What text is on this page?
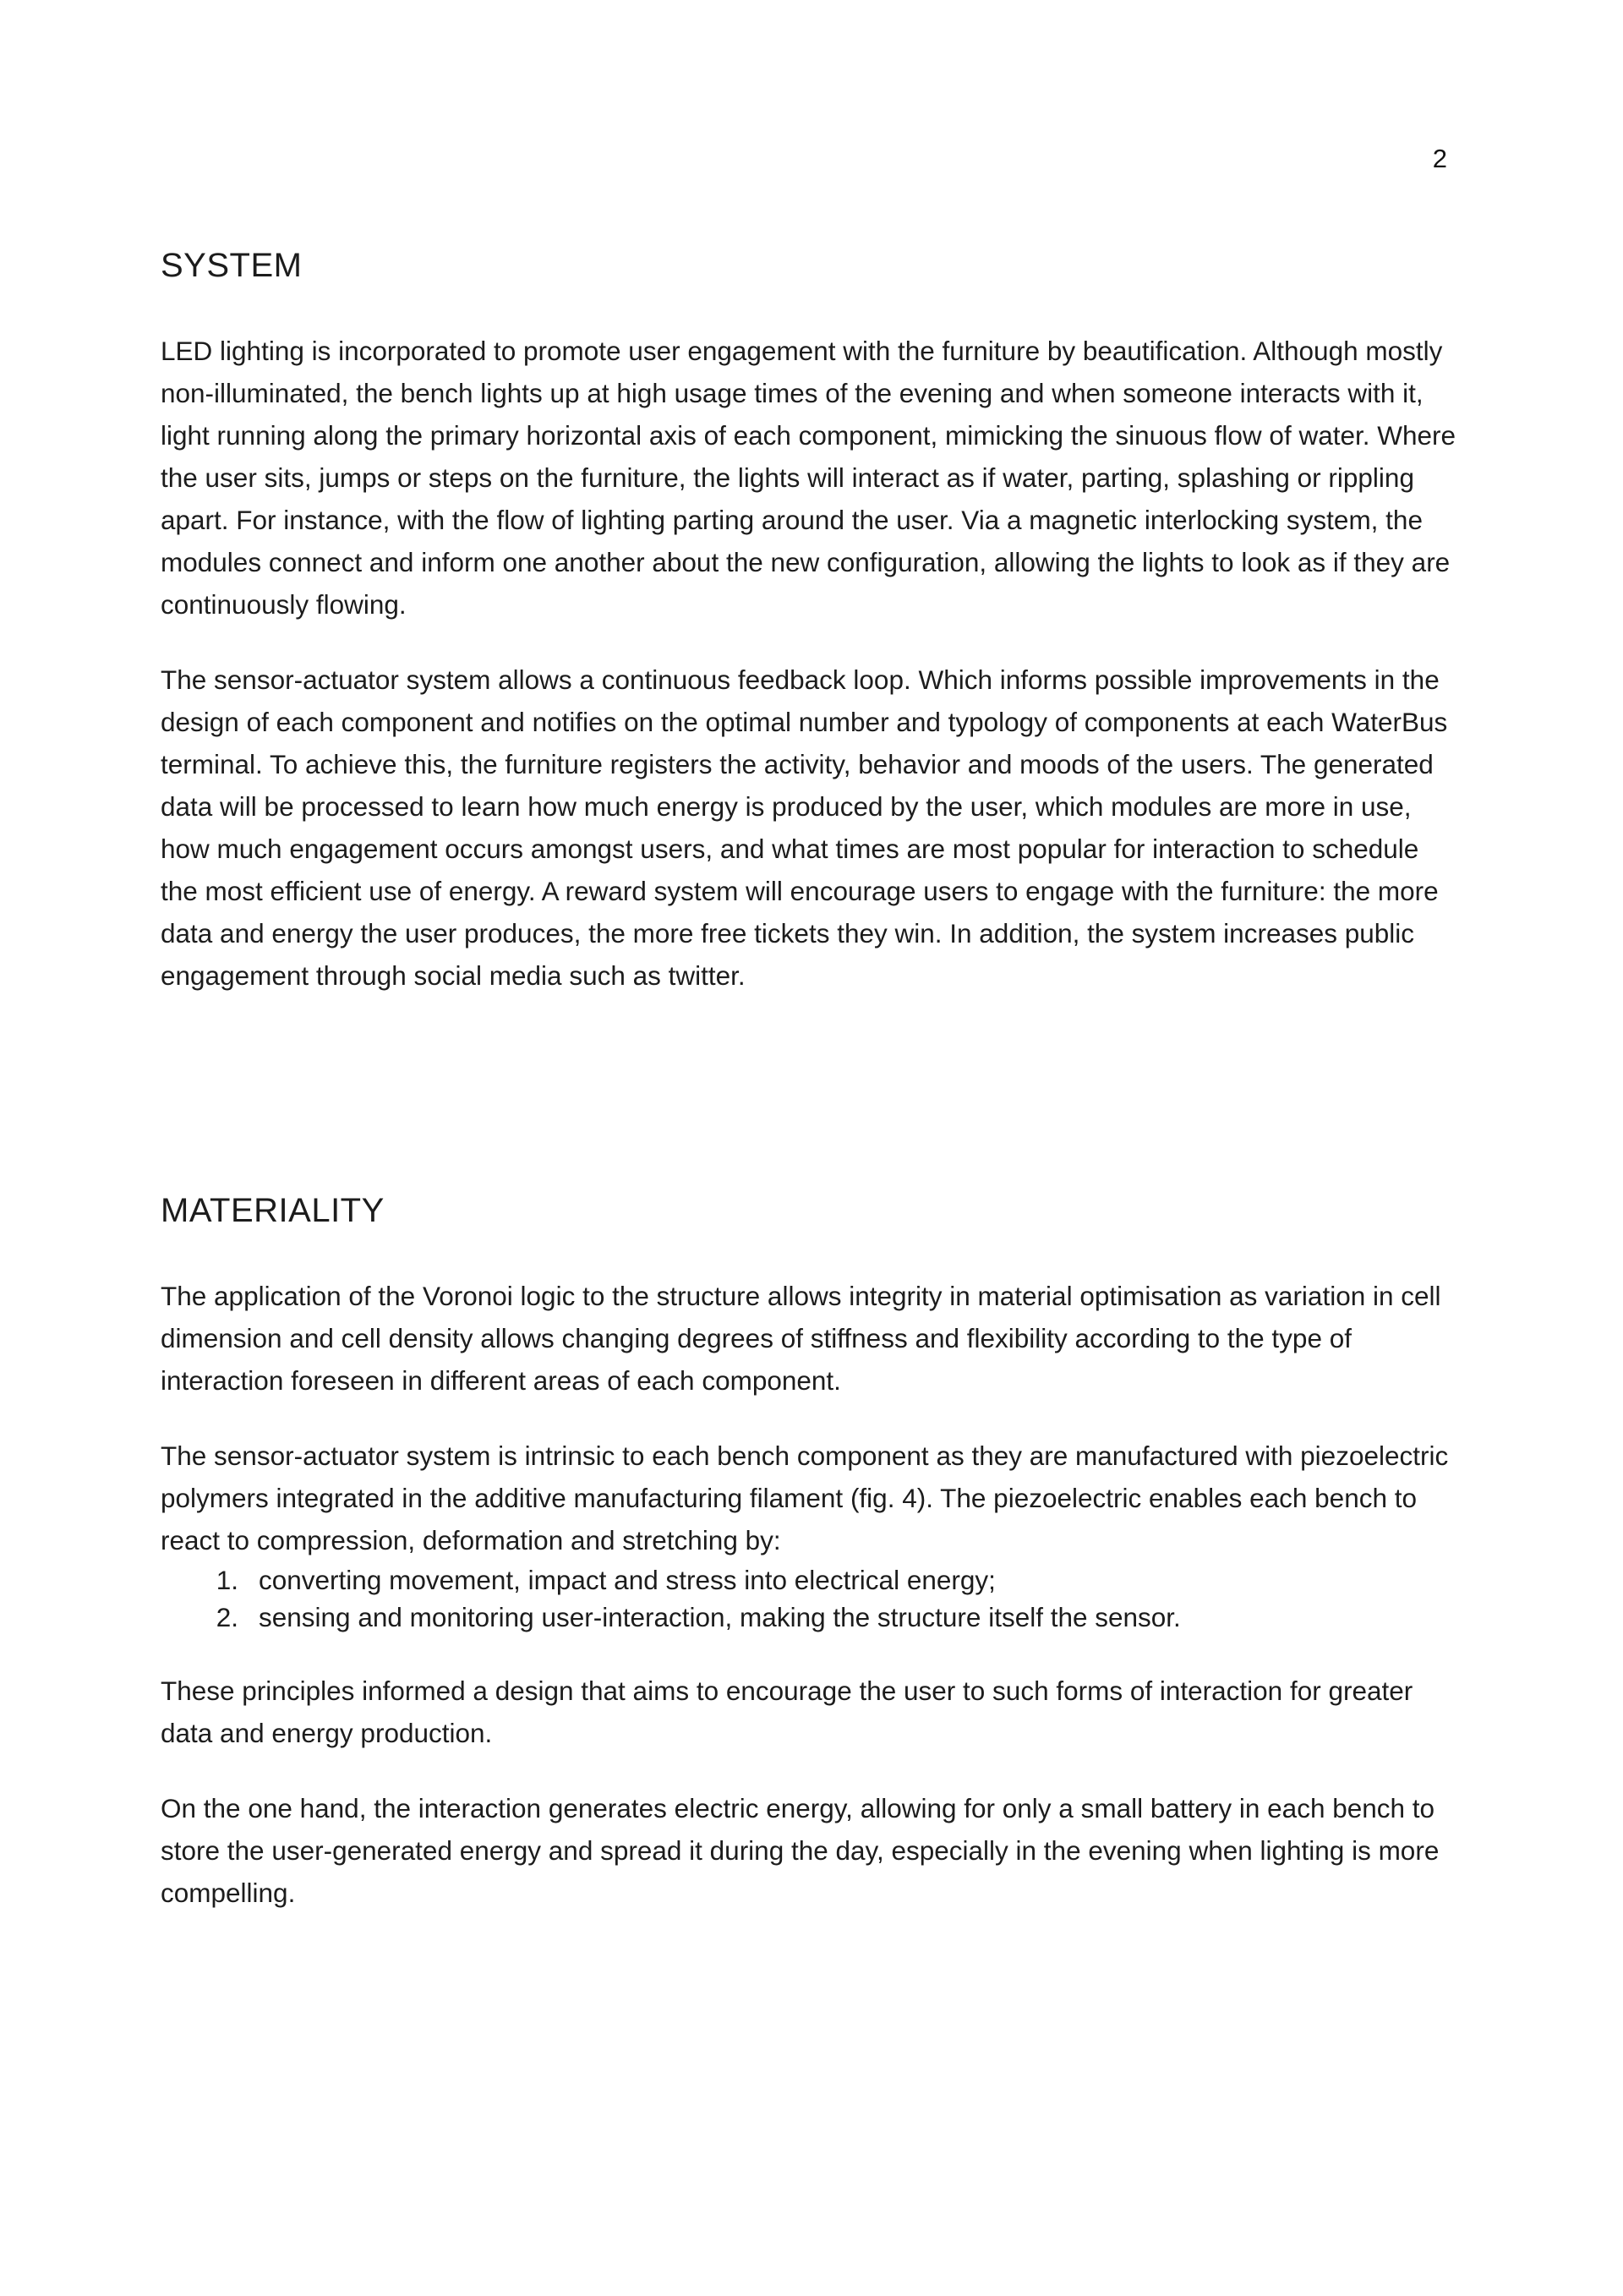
2
SYSTEM

LED lighting is incorporated to promote user engagement with the furniture by beautification. Although mostly non-illuminated, the bench lights up at high usage times of the evening and when someone interacts with it, light running along the primary horizontal axis of each component, mimicking the sinuous flow of water. Where the user sits, jumps or steps on the furniture, the lights will interact as if water, parting, splashing or rippling apart. For instance, with the flow of lighting parting around the user. Via a magnetic interlocking system, the modules connect and inform one another about the new configuration, allowing the lights to look as if they are continuously flowing.

The sensor-actuator system allows a continuous feedback loop. Which informs possible improvements in the design of each component and notifies on the optimal number and typology of components at each WaterBus terminal. To achieve this, the furniture registers the activity, behavior and moods of the users. The generated data will be processed to learn how much energy is produced by the user, which modules are more in use, how much engagement occurs amongst users, and what times are most popular for interaction to schedule the most efficient use of energy. A reward system will encourage users to engage with the furniture: the more data and energy the user produces, the more free tickets they win. In addition, the system increases public engagement through social media such as twitter.

MATERIALITY

The application of the Voronoi logic to the structure allows integrity in material optimisation as variation in cell dimension and cell density allows changing degrees of stiffness and flexibility according to the type of interaction foreseen in different areas of each component.

The sensor-actuator system is intrinsic to each bench component as they are manufactured with piezoelectric polymers integrated in the additive manufacturing filament (fig. 4). The piezoelectric enables each bench to react to compression, deformation and stretching by:

1. converting movement, impact and stress into electrical energy;
2. sensing and monitoring user-interaction, making the structure itself the sensor.

These principles informed a design that aims to encourage the user to such forms of interaction for greater data and energy production.

On the one hand, the interaction generates electric energy, allowing for only a small battery in each bench to store the user-generated energy and spread it during the day, especially in the evening when lighting is more compelling.
